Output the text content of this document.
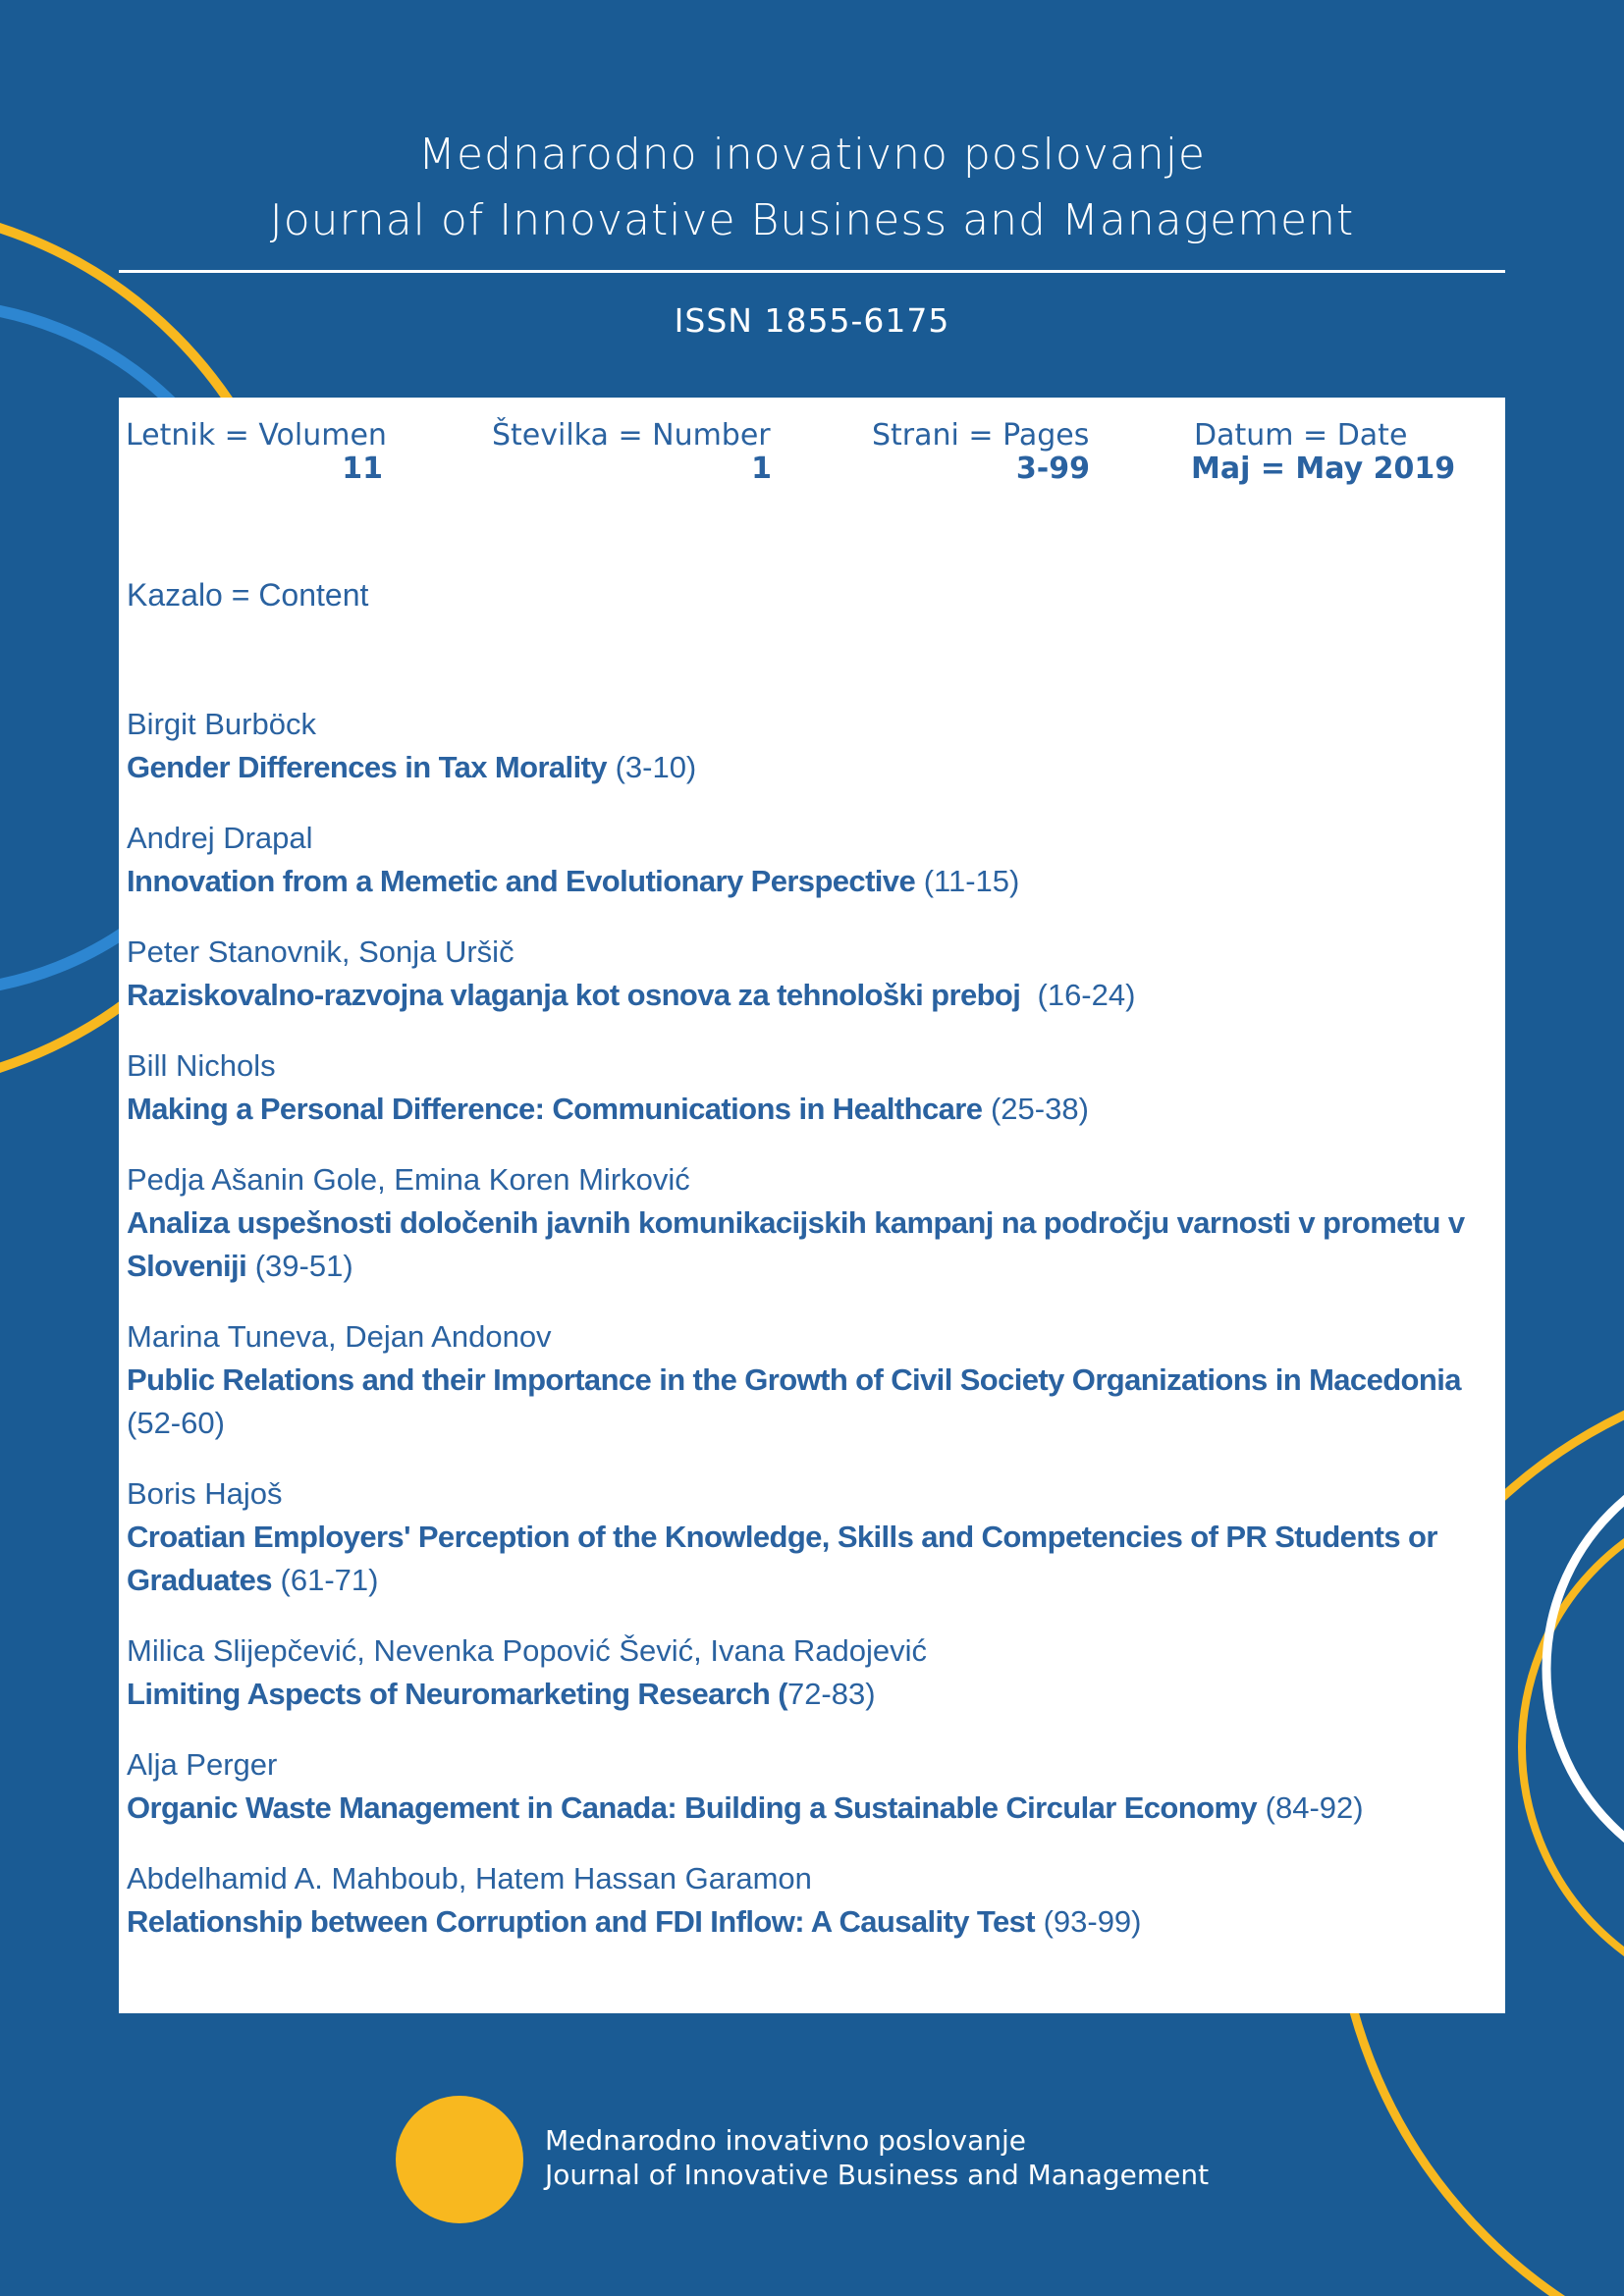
Mednarodno inovativno poslovanje
Journal of Innovative Business and Management
ISSN 1855-6175
Letnik = Volumen
11
Številka = Number
1
Strani = Pages
3-99
Datum = Date
Maj = May 2019
Kazalo = Content
Birgit Burböck
Gender Differences in Tax Morality (3-10)
Andrej Drapal
Innovation from a Memetic and Evolutionary Perspective (11-15)
Peter Stanovnik, Sonja Uršič
Raziskovalno-razvojna vlaganja kot osnova za tehnološki preboj  (16-24)
Bill Nichols
Making a Personal Difference: Communications in Healthcare (25-38)
Pedja Ašanin Gole, Emina Koren Mirković
Analiza uspešnosti določenih javnih komunikacijskih kampanj na področju varnosti v prometu v Sloveniji (39-51)
Marina Tuneva, Dejan Andonov
Public Relations and their Importance in the Growth of Civil Society Organizations in Macedonia (52-60)
Boris Hajoš
Croatian Employers' Perception of the Knowledge, Skills and Competencies of PR Students or Graduates (61-71)
Milica Slijepčević, Nevenka Popović Šević, Ivana Radojević
Limiting Aspects of Neuromarketing Research (72-83)
Alja Perger
Organic Waste Management in Canada: Building a Sustainable Circular Economy (84-92)
Abdelhamid A. Mahboub, Hatem Hassan Garamon
Relationship between Corruption and FDI Inflow: A Causality Test (93-99)
Mednarodno inovativno poslovanje
Journal of Innovative Business and Management
